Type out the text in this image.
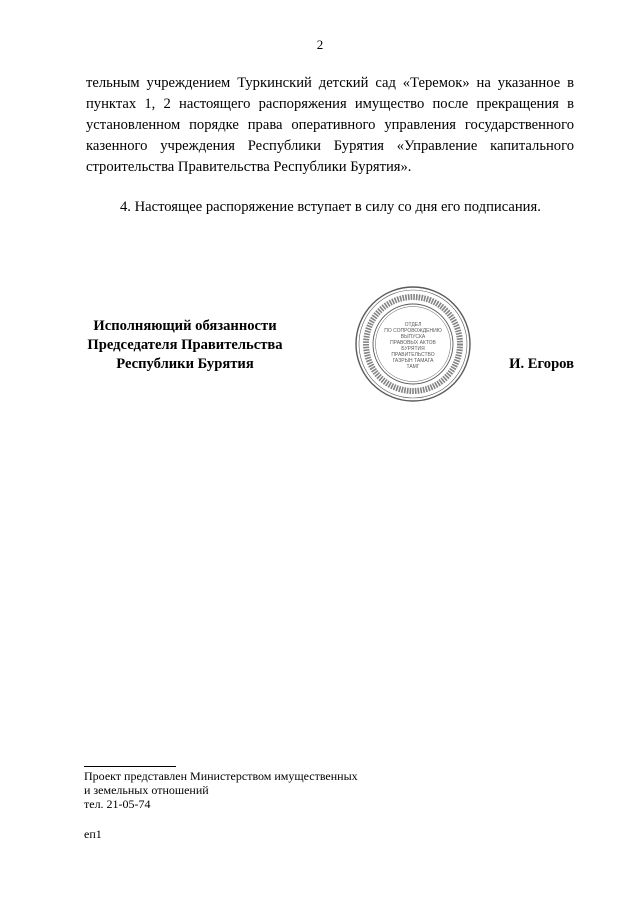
2
тельным учреждением Туркинский детский сад «Теремок» на указанное в
пунктах 1, 2 настоящего распоряжения имущество после прекращения в
установленном порядке права оперативного управления государственного
казенного учреждения Республики Бурятия «Управление капитального
строительства Правительства Республики Бурятия».
4. Настоящее распоряжение вступает в силу со дня его подписания.
Исполняющий обязанности
Председателя Правительства
Республики Бурятия	И. Егоров
ОТДЕЛ
ПО СОПРОВОЖДЕНИЮ
ВЫПУСКА
ПРАВОВЫХ АКТОВ
БУРЯТИЯ
ПРАВИТЕЛЬСТВО
ГАЗРЫН ТАМАГА
ТАМГ
Проект представлен Министерством имущественных
и земельных отношений
тел. 21-05-74
еп1
